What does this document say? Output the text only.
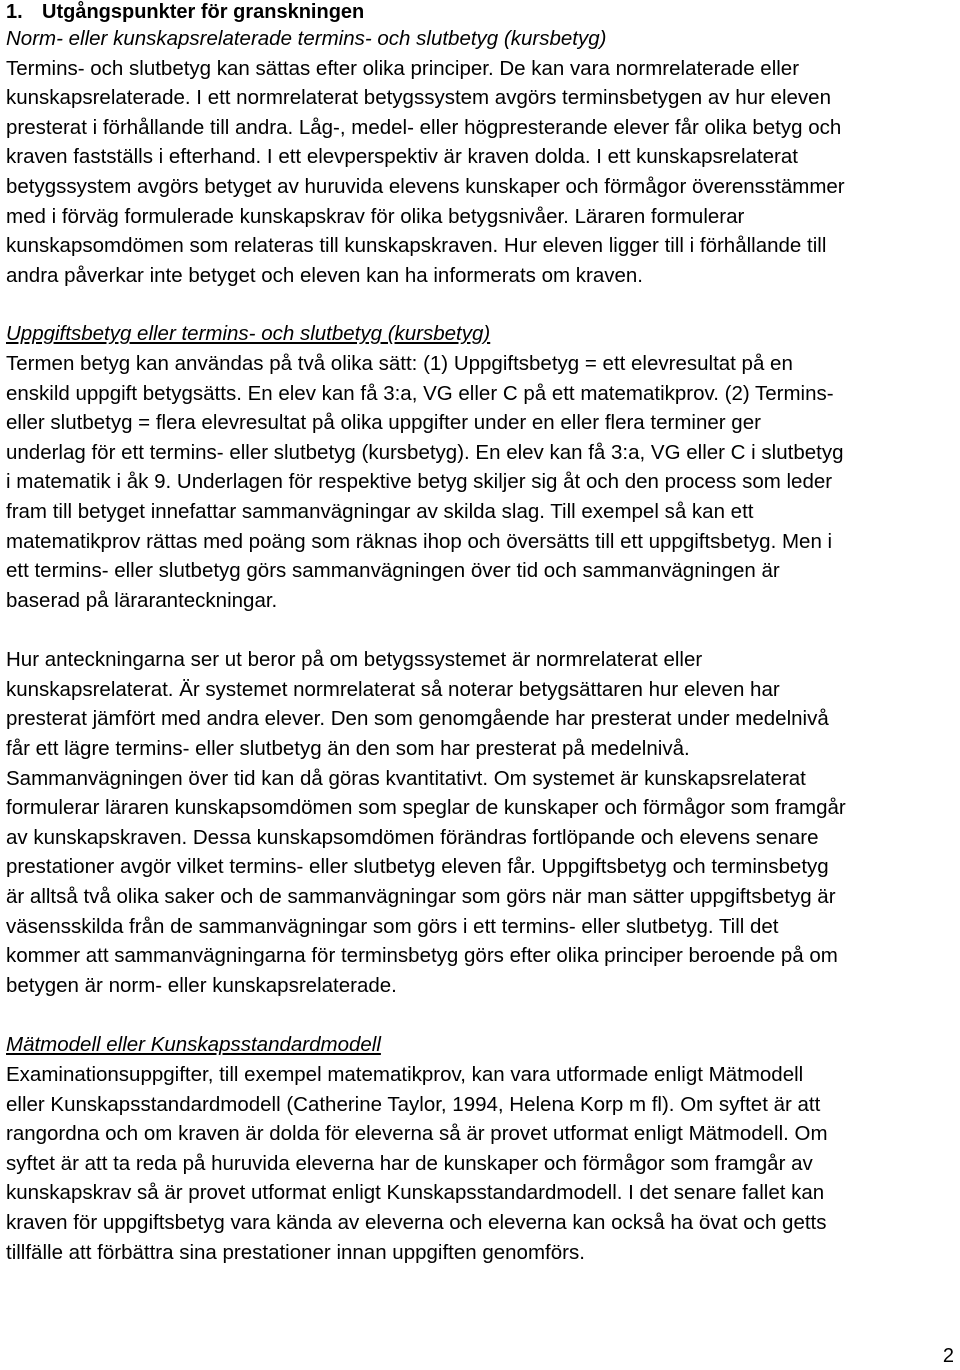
1. Utgångspunkter för granskningen
Norm- eller kunskapsrelaterade termins- och slutbetyg (kursbetyg)
Termins- och slutbetyg kan sättas efter olika principer. De kan vara normrelaterade eller
kunskapsrelaterade. I ett normrelaterat betygssystem avgörs terminsbetygen av hur eleven
presterat i förhållande till andra. Låg-, medel- eller högpresterande elever får olika betyg och
kraven fastställs i efterhand. I ett elevperspektiv är kraven dolda. I ett kunskapsrelaterat
betygssystem avgörs betyget av huruvida elevens kunskaper och förmågor överensstämmer
med i förväg formulerade kunskapskrav för olika betygsnivåer. Läraren formulerar
kunskapsomdömen som relateras till kunskapskraven. Hur eleven ligger till i förhållande till
andra påverkar inte betyget och eleven kan ha informerats om kraven.
Uppgiftsbetyg eller termins- och slutbetyg (kursbetyg)
Termen betyg kan användas på två olika sätt: (1) Uppgiftsbetyg = ett elevresultat på en
enskild uppgift betygsätts. En elev kan få 3:a, VG eller C på ett matematikprov. (2) Termins-
eller slutbetyg = flera elevresultat på olika uppgifter under en eller flera terminer ger
underlag för ett termins- eller slutbetyg (kursbetyg). En elev kan få 3:a, VG eller C i slutbetyg
i matematik i åk 9. Underlagen för respektive betyg skiljer sig åt och den process som leder
fram till betyget innefattar sammanvägningar av skilda slag. Till exempel så kan ett
matematikprov rättas med poäng som räknas ihop och översätts till ett uppgiftsbetyg. Men i
ett termins- eller slutbetyg görs sammanvägningen över tid och sammanvägningen är
baserad på läraranteckningar.
Hur anteckningarna ser ut beror på om betygssystemet är normrelaterat eller
kunskapsrelaterat. Är systemet normrelaterat så noterar betygsättaren hur eleven har
presterat jämfört med andra elever. Den som genomgående har presterat under medelnivå
får ett lägre termins- eller slutbetyg än den som har presterat på medelnivå.
Sammanvägningen över tid kan då göras kvantitativt. Om systemet är kunskapsrelaterat
formulerar läraren kunskapsomdömen som speglar de kunskaper och förmågor som framgår
av kunskapskraven. Dessa kunskapsomdömen förändras fortlöpande och elevens senare
prestationer avgör vilket termins- eller slutbetyg eleven får. Uppgiftsbetyg och terminsbetyg
är alltså två olika saker och de sammanvägningar som görs när man sätter uppgiftsbetyg är
väsensskilda från de sammanvägningar som görs i ett termins- eller slutbetyg. Till det
kommer att sammanvägningarna för terminsbetyg görs efter olika principer beroende på om
betygen är norm- eller kunskapsrelaterade.
Mätmodell eller Kunskapsstandardmodell
Examinationsuppgifter, till exempel matematikprov, kan vara utformade enligt Mätmodell
eller Kunskapsstandardmodell (Catherine Taylor, 1994, Helena Korp m fl). Om syftet är att
rangordna och om kraven är dolda för eleverna så är provet utformat enligt Mätmodell. Om
syftet är att ta reda på huruvida eleverna har de kunskaper och förmågor som framgår av
kunskapskrav så är provet utformat enligt Kunskapsstandardmodell. I det senare fallet kan
kraven för uppgiftsbetyg vara kända av eleverna och eleverna kan också ha övat och getts
tillfälle att förbättra sina prestationer innan uppgiften genomförs.
2
